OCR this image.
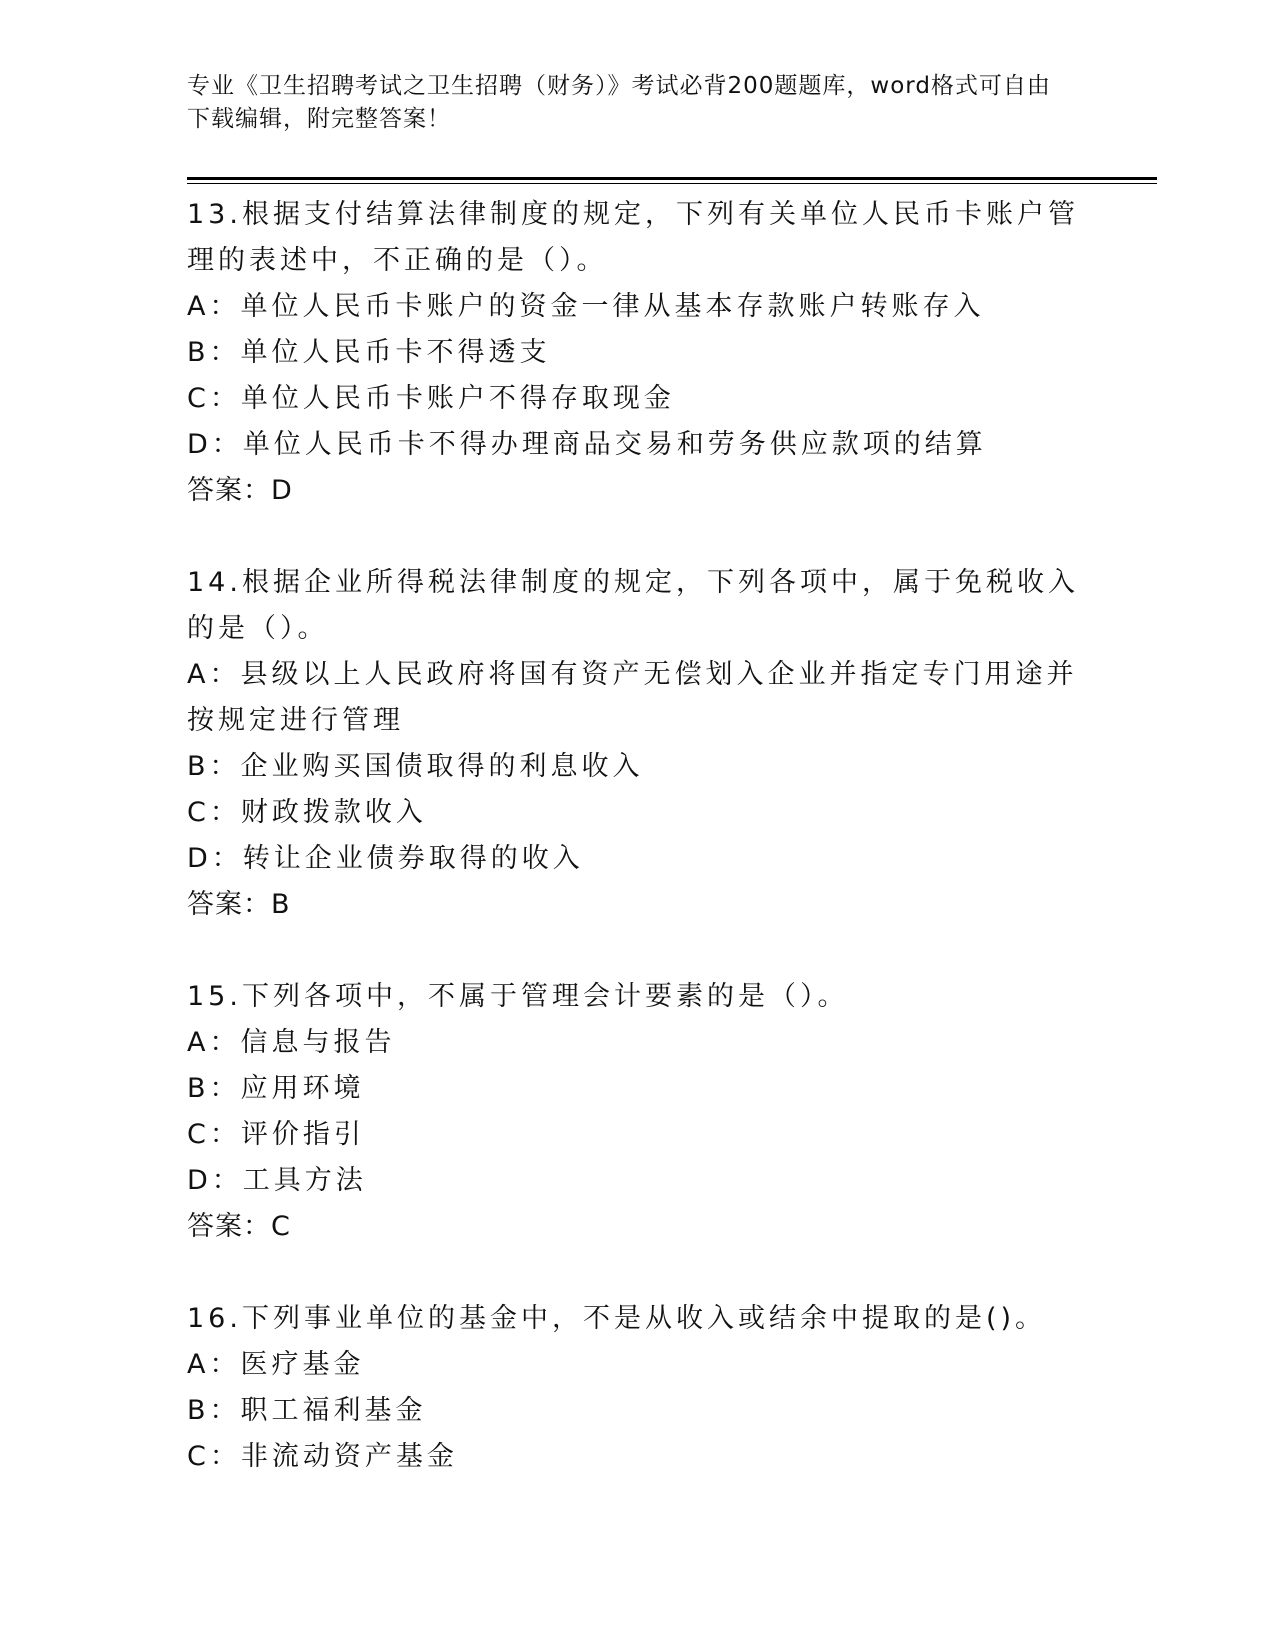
专业《卫生招聘考试之卫生招聘（财务）》考试必背200题题库，word格式可自由下载编辑，附完整答案！
13.根据支付结算法律制度的规定，下列有关单位人民币卡账户管理的表述中，不正确的是（）。
A：单位人民币卡账户的资金一律从基本存款账户转账存入
B：单位人民币卡不得透支
C：单位人民币卡账户不得存取现金
D：单位人民币卡不得办理商品交易和劳务供应款项的结算
答案：D
14.根据企业所得税法律制度的规定，下列各项中，属于免税收入的是（）。
A：县级以上人民政府将国有资产无偿划入企业并指定专门用途并按规定进行管理
B：企业购买国债取得的利息收入
C：财政拨款收入
D：转让企业债券取得的收入
答案：B
15.下列各项中，不属于管理会计要素的是（）。
A：信息与报告
B：应用环境
C：评价指引
D：工具方法
答案：C
16.下列事业单位的基金中，不是从收入或结余中提取的是()。
A：医疗基金
B：职工福利基金
C：非流动资产基金
